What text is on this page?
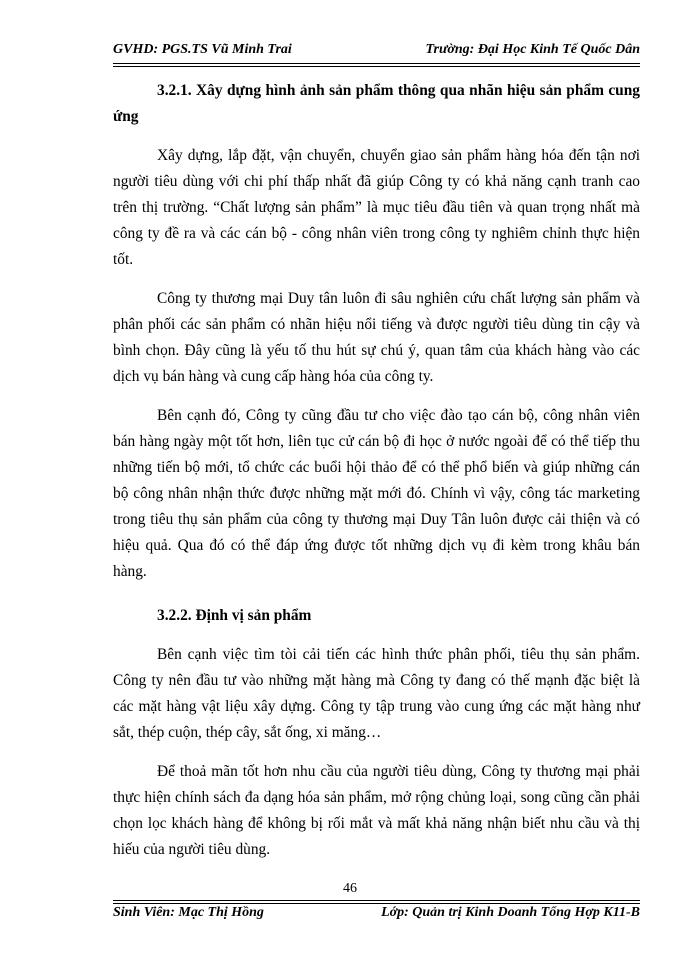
GVHD: PGS.TS Vũ Minh Trai	Trường: Đại Học Kinh Tế Quốc Dân

3.2.1. Xây dựng hình ảnh sản phẩm thông qua nhãn hiệu sản phẩm cung ứng

Xây dựng, lắp đặt, vận chuyển, chuyển giao sản phẩm hàng hóa đến tận nơi người tiêu dùng với chi phí thấp nhất đã giúp Công ty có khả năng cạnh tranh cao trên thị trường. “Chất lượng sản phẩm” là mục tiêu đầu tiên và quan trọng nhất mà công ty đề ra và các cán bộ - công nhân viên trong công ty nghiêm chỉnh thực hiện tốt.

Công ty thương mại Duy tân luôn đi sâu nghiên cứu chất lượng sản phẩm và phân phối các sản phẩm có nhãn hiệu nổi tiếng và được người tiêu dùng tin cậy và bình chọn. Đây cũng là yếu tố thu hút sự chú ý, quan tâm của khách hàng vào các dịch vụ bán hàng và cung cấp hàng hóa của công ty.

Bên cạnh đó, Công ty cũng đầu tư cho việc đào tạo cán bộ, công nhân viên bán hàng ngày một tốt hơn, liên tục cử cán bộ đi học ở nước ngoài để có thể tiếp thu những tiến bộ mới, tổ chức các buổi hội thảo để có thể phổ biến và giúp những cán bộ công nhân nhận thức được những mặt mới đó. Chính vì vậy, công tác marketing trong tiêu thụ sản phẩm của công ty thương mại Duy Tân luôn được cải thiện và có hiệu quả. Qua đó có thể đáp ứng được tốt những dịch vụ đi kèm trong khâu bán hàng.

3.2.2. Định vị sản phẩm

Bên cạnh việc tìm tòi cải tiến các hình thức phân phối, tiêu thụ sản phẩm. Công ty nên đầu tư vào những mặt hàng mà Công ty đang có thế mạnh đặc biệt là các mặt hàng vật liệu xây dựng. Công ty tập trung vào cung ứng các mặt hàng như sắt, thép cuộn, thép cây, sắt ống, xi măng…

Để thoả mãn tốt hơn nhu cầu của người tiêu dùng, Công ty thương mại phải thực hiện chính sách đa dạng hóa sản phẩm, mở rộng chủng loại, song cũng cần phải chọn lọc khách hàng để không bị rối mắt và mất khả năng nhận biết nhu cầu và thị hiếu của người tiêu dùng.

46
Sinh Viên: Mạc Thị Hồng	Lớp: Quản trị Kinh Doanh Tổng Hợp K11-B
